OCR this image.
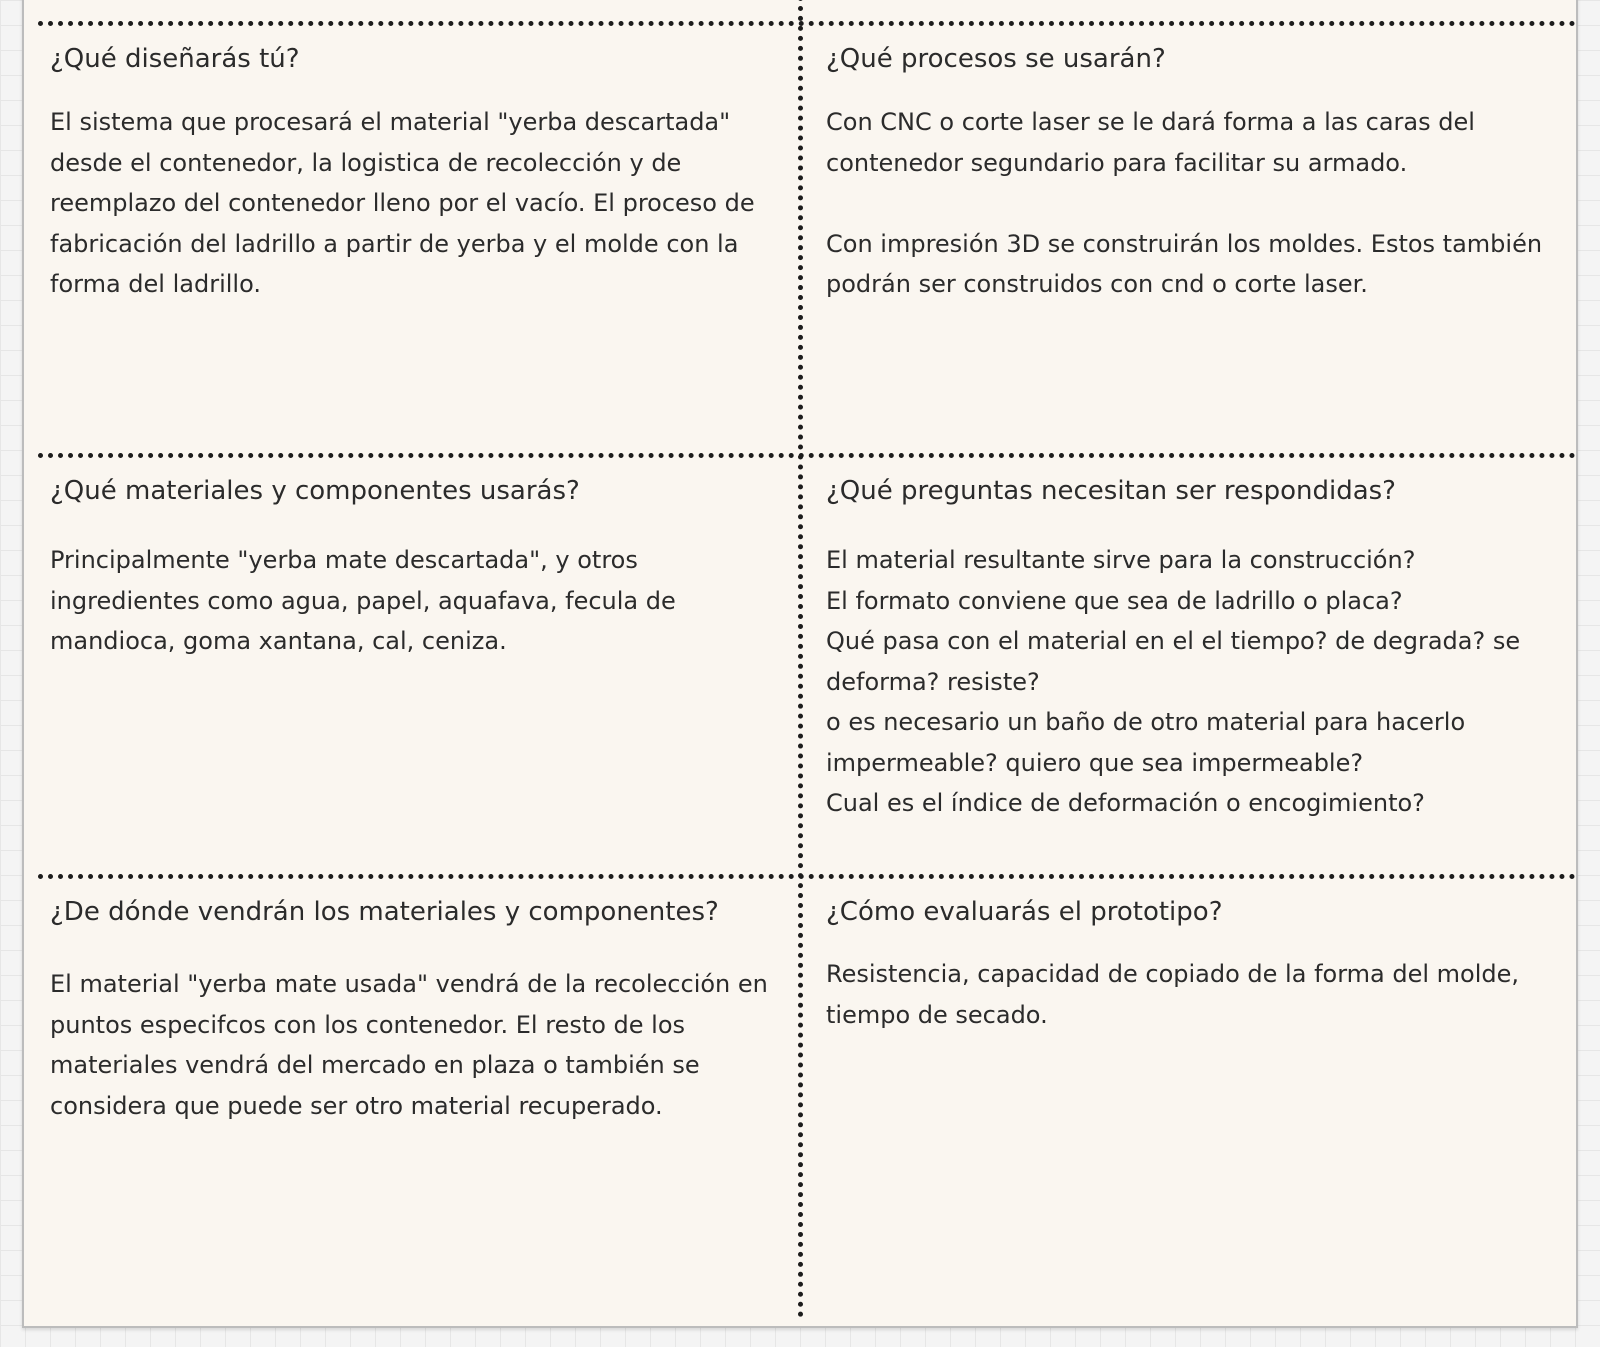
¿Qué diseñarás tú?

El sistema que procesará el material "yerba descartada" desde el contenedor, la logistica de recolección y de reemplazo del contenedor lleno por el vacío. El proceso de fabricación del ladrillo a partir de yerba y el molde con la forma del ladrillo.

¿Qué procesos se usarán?

Con CNC o corte laser se le dará forma a las caras del contenedor segundario para facilitar su armado.

Con impresión 3D se construirán los moldes. Estos también podrán ser construidos con cnd o corte laser.

¿Qué materiales y componentes usarás?

Principalmente "yerba mate descartada", y otros ingredientes como agua, papel, aquafava, fecula de mandioca, goma xantana, cal, ceniza.

¿Qué preguntas necesitan ser respondidas?

El material resultante sirve para la construcción?
El formato conviene que sea de ladrillo o placa?
Qué pasa con el material en el el tiempo? de degrada? se deforma? resiste?
o es necesario un baño de otro material para hacerlo impermeable? quiero que sea impermeable?
Cual es el índice de deformación o encogimiento?

¿De dónde vendrán los materiales y componentes?

El material "yerba mate usada" vendrá de la recolección en puntos especifcos con los contenedor. El resto de los materiales vendrá del mercado en plaza o también se considera que puede ser otro material recuperado.

¿Cómo evaluarás el prototipo?

Resistencia, capacidad de copiado de la forma del molde, tiempo de secado.
